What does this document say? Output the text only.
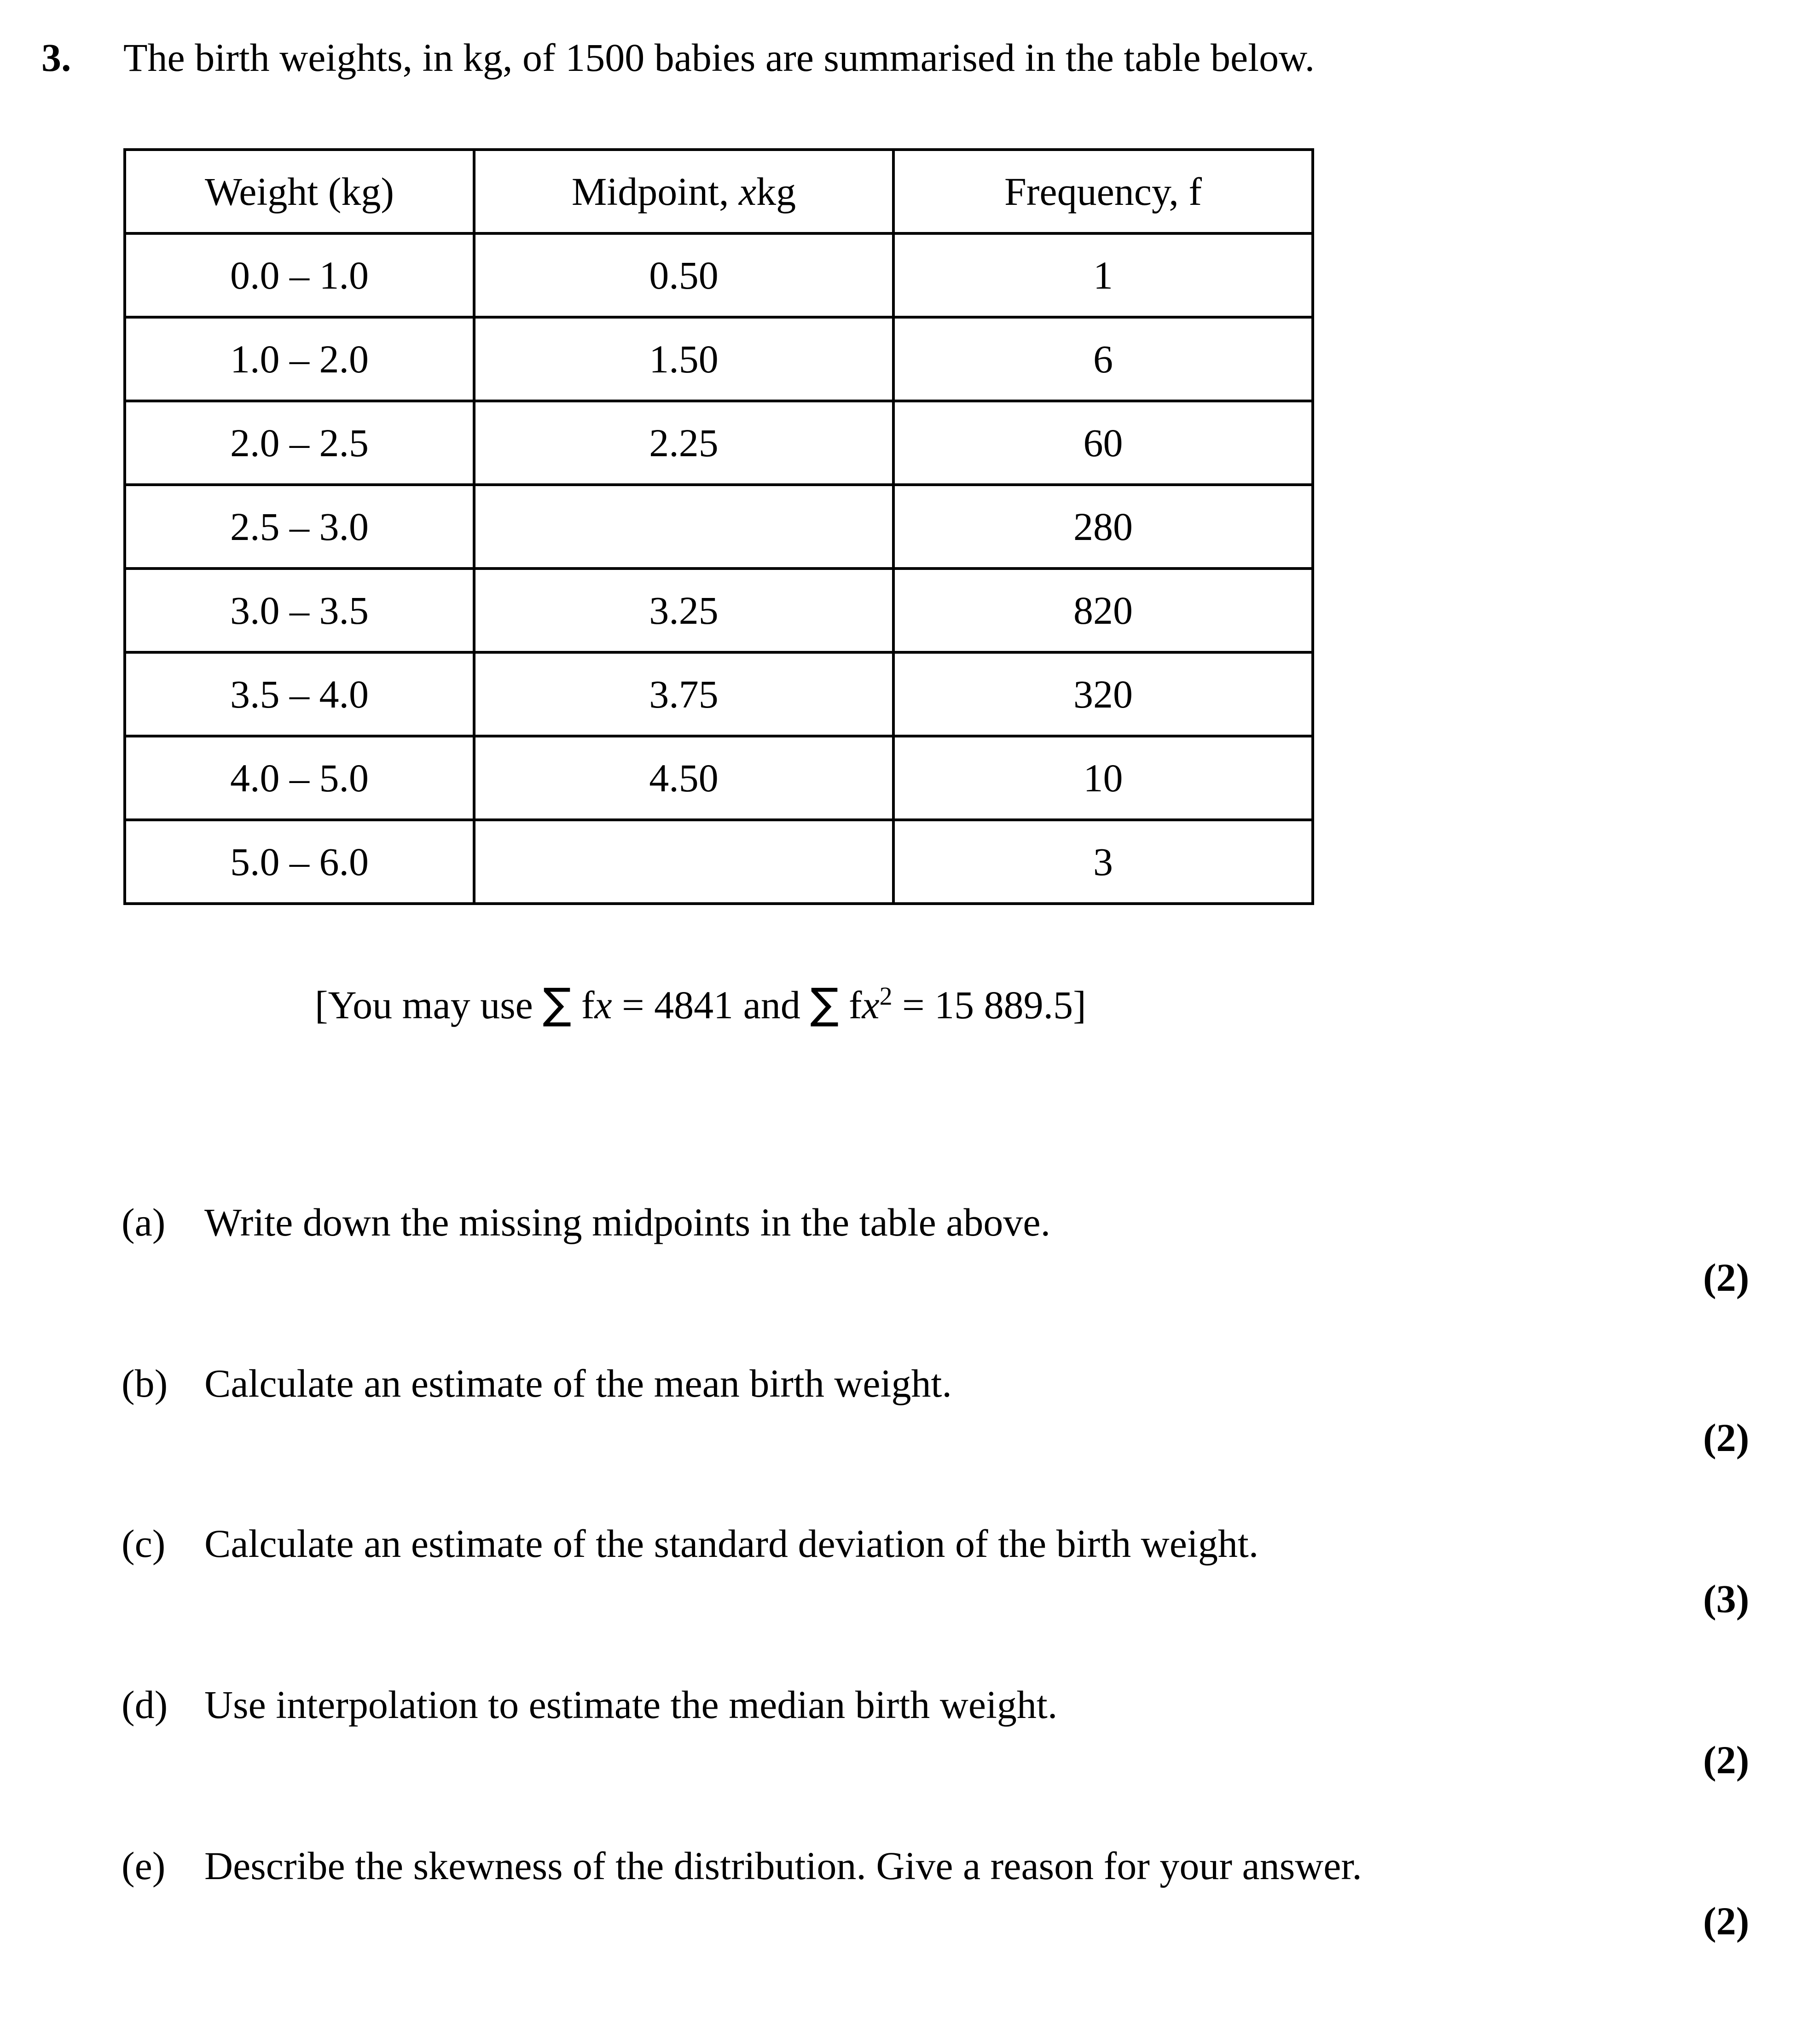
3. The birth weights, in kg, of 1500 babies are summarised in the table below.
Weight (kg)	Midpoint, xkg	Frequency, f
0.0 – 1.0	0.50	1
1.0 – 2.0	1.50	6
2.0 – 2.5	2.25	60
2.5 – 3.0		280
3.0 – 3.5	3.25	820
3.5 – 4.0	3.75	320
4.0 – 5.0	4.50	10
5.0 – 6.0		3
[You may use ∑ fx = 4841 and ∑ $fx^2 = 15$ 889.5]
(a) Write down the missing midpoints in the table above.
(2)
(b) Calculate an estimate of the mean birth weight.
(2)
(c) Calculate an estimate of the standard deviation of the birth weight.
(3)
(d) Use interpolation to estimate the median birth weight.
(2)
(e) Describe the skewness of the distribution. Give a reason for your answer.
(2)
